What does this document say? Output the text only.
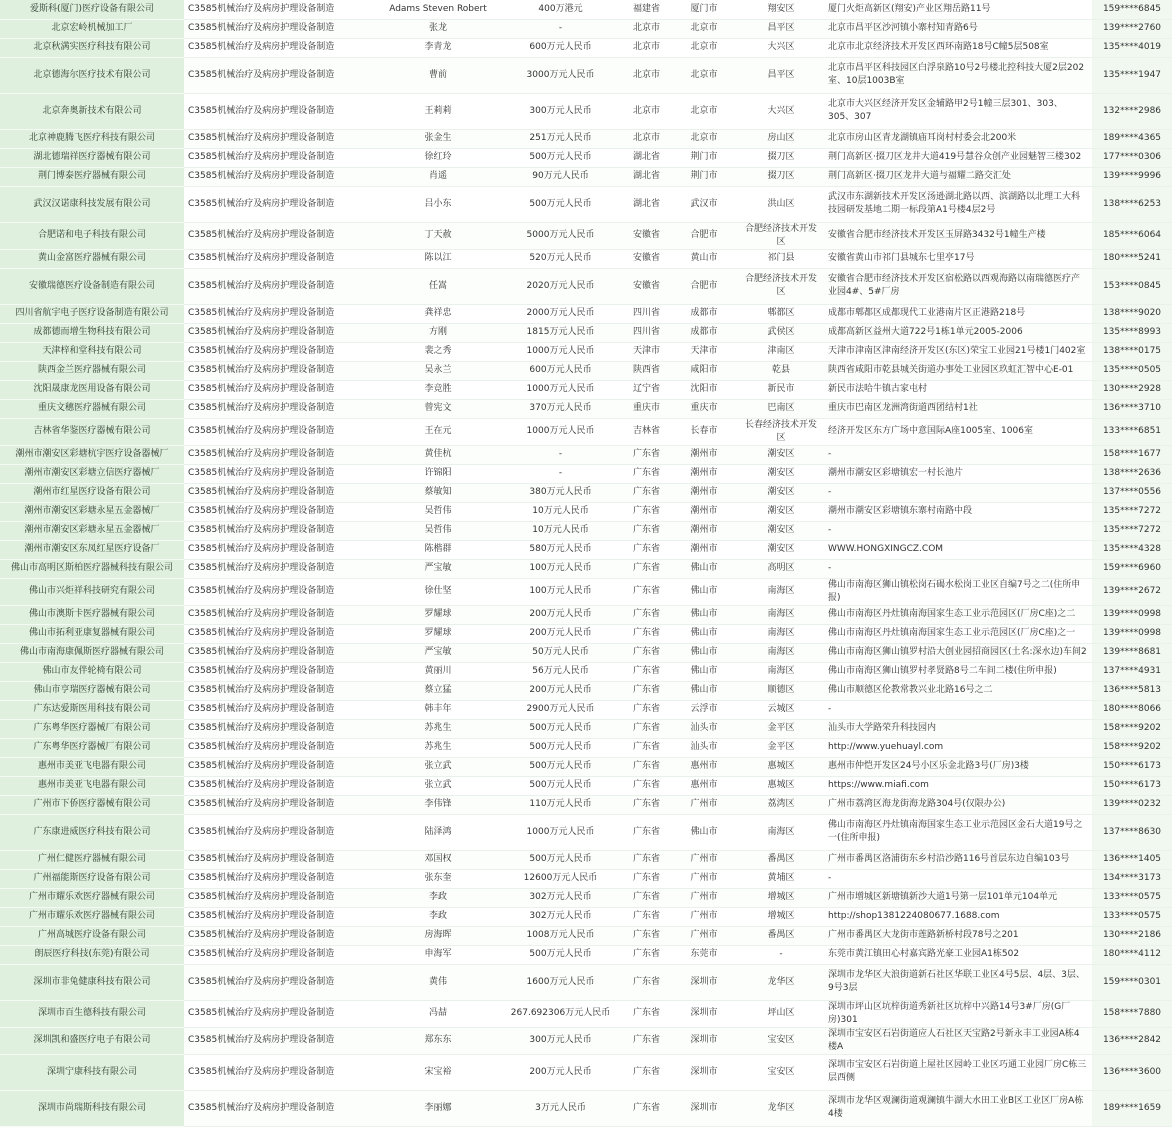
爱斯科(厦门)医疗设备有限公司	C3585机械治疗及病房护理设备制造	Adams Steven Robert	400万港元	福建省	厦门市	翔安区	厦门火炬高新区(翔安)产业区翔岳路11号	159****6845
北京宏岭机械加工厂	C3585机械治疗及病房护理设备制造	张龙	-	北京市	北京市	昌平区	北京市昌平区沙河镇小寨村知青路6号	139****2760
北京秋满实医疗科技有限公司	C3585机械治疗及病房护理设备制造	李青龙	600万元人民币	北京市	北京市	大兴区	北京市北京经济技术开发区西环南路18号C幢5层508室	135****4019
北京德海尔医疗技术有限公司	C3585机械治疗及病房护理设备制造	曹前	3000万元人民币	北京市	北京市	昌平区	北京市昌平区科技园区白浮泉路10号2号楼北控科技大厦2层202室、10层1003B室	135****1947
北京奔奥新技术有限公司	C3585机械治疗及病房护理设备制造	王莉莉	300万元人民币	北京市	北京市	大兴区	北京市大兴区经济开发区金辅路甲2号1幢三层301、303、305、307	132****2986
北京神鹿腾飞医疗科技有限公司	C3585机械治疗及病房护理设备制造	张金生	251万元人民币	北京市	北京市	房山区	北京市房山区青龙湖镇庙耳岗村村委会北200米	189****4365
湖北德瑞祥医疗器械有限公司	C3585机械治疗及病房护理设备制造	徐红玲	500万元人民币	湖北省	荆门市	掇刀区	荆门高新区·掇刀区龙井大道419号慧谷众创产业园魅智三楼302	177****0306
荆门博泰医疗器械有限公司	C3585机械治疗及病房护理设备制造	肖遥	90万元人民币	湖北省	荆门市	掇刀区	荆门高新区·掇刀区龙井大道与福耀二路交汇处	139****9996
武汉汉诺康科技发展有限公司	C3585机械治疗及病房护理设备制造	吕小东	500万元人民币	湖北省	武汉市	洪山区	武汉市东湖新技术开发区汤逊湖北路以西、滨湖路以北理工大科技园研发基地二期一标段第A1号楼4层2号	138****6253
合肥诺和电子科技有限公司	C3585机械治疗及病房护理设备制造	丁天赦	5000万元人民币	安徽省	合肥市	合肥经济技术开发区	安徽省合肥市经济技术开发区玉屏路3432号1幢生产楼	185****6064
黄山金富医疗器械有限公司	C3585机械治疗及病房护理设备制造	陈以江	520万元人民币	安徽省	黄山市	祁门县	安徽省黄山市祁门县城东七里亭17号	180****5241
安徽瑞德医疗设备制造有限公司	C3585机械治疗及病房护理设备制造	任嵩	2020万元人民币	安徽省	合肥市	合肥经济技术开发区	安徽省合肥市经济技术开发区宿松路以西观海路以南瑞德医疗产业园4#、5#厂房	153****0845
四川省航宇电子医疗设备制造有限公司	C3585机械治疗及病房护理设备制造	龚祥忠	2000万元人民币	四川省	成都市	郫都区	成都市郫都区成都现代工业港南片区正港路218号	138****9020
成都德而增生物科技有限公司	C3585机械治疗及病房护理设备制造	方刚	1815万元人民币	四川省	成都市	武侯区	成都高新区益州大道722号1栋1单元2005-2006	135****8993
天津梓和堂科技有限公司	C3585机械治疗及病房护理设备制造	裴之秀	1000万元人民币	天津市	天津市	津南区	天津市津南区津南经济开发区(东区)荣宝工业园21号楼1门402室	138****0175
陕西金兰医疗器械有限公司	C3585机械治疗及病房护理设备制造	吴永兰	600万元人民币	陕西省	咸阳市	乾县	陕西省咸阳市乾县城关街道办事处工业园区玖虹汇智中心E-01	135****0505
沈阳晟康龙医用设备有限公司	C3585机械治疗及病房护理设备制造	李竞胜	1000万元人民币	辽宁省	沈阳市	新民市	新民市法哈牛镇古家屯村	130****2928
重庆文穗医疗器械有限公司	C3585机械治疗及病房护理设备制造	曾宪文	370万元人民币	重庆市	重庆市	巴南区	重庆市巴南区龙洲湾街道西团结村1社	136****3710
吉林省华鉴医疗器械有限公司	C3585机械治疗及病房护理设备制造	王在元	1000万元人民币	吉林省	长春市	长春经济技术开发区	经济开发区东方广场中意国际A座1005室、1006室	133****6851
潮州市潮安区彩塘杭宇医疗设备器械厂	C3585机械治疗及病房护理设备制造	黄佳杭	-	广东省	潮州市	潮安区	-	158****1677
潮州市潮安区彩塘立信医疗器械厂	C3585机械治疗及病房护理设备制造	许锦阳	-	广东省	潮州市	潮安区	潮州市潮安区彩塘镇宏一村长池片	138****2636
潮州市红星医疗设备有限公司	C3585机械治疗及病房护理设备制造	蔡敏知	380万元人民币	广东省	潮州市	潮安区	-	137****0556
潮州市潮安区彩塘永星五金器械厂	C3585机械治疗及病房护理设备制造	吴哲伟	10万元人民币	广东省	潮州市	潮安区	潮州市潮安区彩塘镇东寨村南路中段	135****7272
潮州市潮安区彩塘永星五金器械厂	C3585机械治疗及病房护理设备制造	吴哲伟	10万元人民币	广东省	潮州市	潮安区	-	135****7272
潮州市潮安区东凤红星医疗设备厂	C3585机械治疗及病房护理设备制造	陈楷群	580万元人民币	广东省	潮州市	潮安区	WWW.HONGXINGCZ.COM	135****4328
佛山市高明区斯柏医疗器械科技有限公司	C3585机械治疗及病房护理设备制造	严宝敏	100万元人民币	广东省	佛山市	高明区	-	159****6960
佛山市兴炬祥科技研究有限公司	C3585机械治疗及病房护理设备制造	徐仕坚	100万元人民币	广东省	佛山市	南海区	佛山市南海区狮山镇松岗石碣水松岗工业区自编7号之二(住所申报)	139****2672
佛山市澳斯卡医疗器械有限公司	C3585机械治疗及病房护理设备制造	罗耀球	200万元人民币	广东省	佛山市	南海区	佛山市南海区丹灶镇南海国家生态工业示范园区(厂房C座)之二	139****0998
佛山市拓利亚康复器械有限公司	C3585机械治疗及病房护理设备制造	罗耀球	200万元人民币	广东省	佛山市	南海区	佛山市南海区丹灶镇南海国家生态工业示范园区(厂房C座)之一	139****0998
佛山市南海康佩斯医疗器械有限公司	C3585机械治疗及病房护理设备制造	严宝敏	50万元人民币	广东省	佛山市	南海区	佛山市南海区狮山镇罗村沿大创业园招商园区(土名:深水边)车间2	139****8681
佛山市友伴轮椅有限公司	C3585机械治疗及病房护理设备制造	黄丽川	56万元人民币	广东省	佛山市	南海区	佛山市南海区狮山镇罗村孝贤路8号二车间二楼(住所申报)	137****4931
佛山市亨瑞医疗器械有限公司	C3585机械治疗及病房护理设备制造	蔡立猛	200万元人民币	广东省	佛山市	顺德区	佛山市顺德区伦教常教兴业北路16号之二	136****5813
广东达爱斯医用科技有限公司	C3585机械治疗及病房护理设备制造	韩丰年	2900万元人民币	广东省	云浮市	云城区	-	180****8066
广东粤华医疗器械厂有限公司	C3585机械治疗及病房护理设备制造	苏兆生	500万元人民币	广东省	汕头市	金平区	汕头市大学路荣升科技园内	158****9202
广东粤华医疗器械厂有限公司	C3585机械治疗及病房护理设备制造	苏兆生	500万元人民币	广东省	汕头市	金平区	http://www.yuehuayl.com	158****9202
惠州市美亚飞电器有限公司	C3585机械治疗及病房护理设备制造	张立武	500万元人民币	广东省	惠州市	惠城区	惠州市仲恺开发区24号小区乐金北路3号(厂房)3楼	150****6173
惠州市美亚飞电器有限公司	C3585机械治疗及病房护理设备制造	张立武	500万元人民币	广东省	惠州市	惠城区	https://www.miafi.com	150****6173
广州市下侨医疗器械有限公司	C3585机械治疗及病房护理设备制造	李伟锋	110万元人民币	广东省	广州市	荔湾区	广州市荔湾区海龙街海龙路304号(仅限办公)	139****0232
广东康进威医疗科技有限公司	C3585机械治疗及病房护理设备制造	陆泽鸿	1000万元人民币	广东省	佛山市	南海区	佛山市南海区丹灶镇南海国家生态工业示范园区金石大道19号之一(住所申报)	137****8630
广州仁健医疗器械有限公司	C3585机械治疗及病房护理设备制造	邓国权	500万元人民币	广东省	广州市	番禺区	广州市番禺区洛浦街东乡村沿沙路116号首层东边自编103号	136****1405
广州福能斯医疗设备有限公司	C3585机械治疗及病房护理设备制造	张东奎	12600万元人民币	广东省	广州市	黄埔区	-	134****3173
广州市耀乐欢医疗器械有限公司	C3585机械治疗及病房护理设备制造	李政	302万元人民币	广东省	广州市	增城区	广州市增城区新塘镇新沙大道1号第一层101单元104单元	133****0575
广州市耀乐欢医疗器械有限公司	C3585机械治疗及病房护理设备制造	李政	302万元人民币	广东省	广州市	增城区	http://shop1381224080677.1688.com	133****0575
广州高城医疗设备有限公司	C3585机械治疗及病房护理设备制造	房海晖	1008万元人民币	广东省	广州市	番禺区	广州市番禺区大龙街市莲路新桥村段78号之201	130****2186
朗辰医疗科技(东莞)有限公司	C3585机械治疗及病房护理设备制造	申海军	500万元人民币	广东省	东莞市	-	东莞市黄江镇田心村嘉宾路光豪工业园A1栋502	180****4112
深圳市非兔健康科技有限公司	C3585机械治疗及病房护理设备制造	黄伟	1600万元人民币	广东省	深圳市	龙华区	深圳市龙华区大浪街道新石社区华联工业区4号5层、4层、3层、9号3层	159****0301
深圳市百生德科技有限公司	C3585机械治疗及病房护理设备制造	冯喆	267.692306万元人民币	广东省	深圳市	坪山区	深圳市坪山区坑梓街道秀新社区坑梓中兴路14号3#厂房(G厂房)301	158****7880
深圳凯和盛医疗电子有限公司	C3585机械治疗及病房护理设备制造	郑东东	300万元人民币	广东省	深圳市	宝安区	深圳市宝安区石岩街道应人石社区天宝路2号新永丰工业园A栋4楼A	136****2842
深圳宁康科技有限公司	C3585机械治疗及病房护理设备制造	宋宝裕	200万元人民币	广东省	深圳市	宝安区	深圳市宝安区石岩街道上屋社区园岭工业区巧通工业园厂房C栋三层西侧	136****3600
深圳市尚瑞斯科技有限公司	C3585机械治疗及病房护理设备制造	李丽娜	3万元人民币	广东省	深圳市	龙华区	深圳市龙华区观澜街道观澜镇牛湖大水田工业B区工业区厂房A栋4楼	189****1659
